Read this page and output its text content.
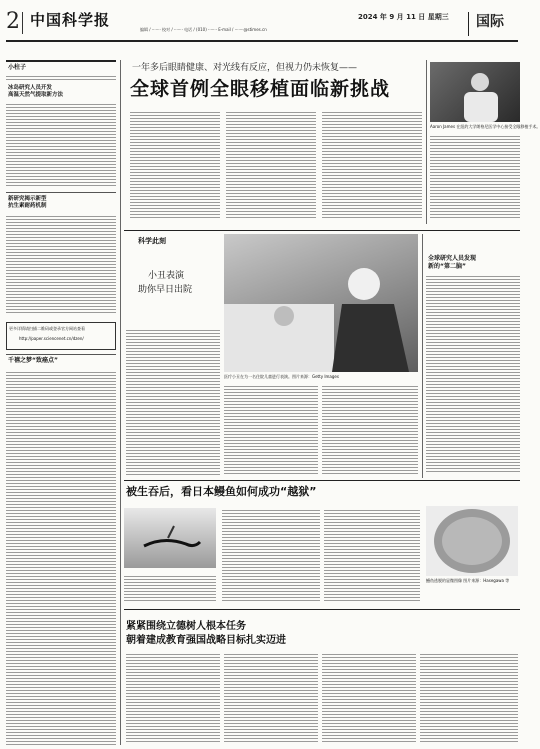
2 中国科学报
编辑 / ······· 校对 / ······· 电话 / (010) ······· E-mail / ·······@stimes.cn
2024 年 9 月 11 日 星期三 国际
小柱子
冰岛研究人员开发
高温天然气提取新方法
新研究揭示新型
抗生素耐药机制
更多详情请扫描二维码或登录官方网站查看
http://paper.sciencenet.cn/dzen/
千禧之梦“致癌点”
一年多后眼睛健康、对光线有反应，但视力仍未恢复——
全球首例全眼移植面临新挑战
Aaron James 在纽约大学朗格尼医学中心接受全眼移植手术。
科学此刻
小丑表演
助你早日出院
医疗小丑在为一名住院儿童进行表演。图片来源：Getty Images
全球研究人员发现
新的“第二脑”
被生吞后，看日本鳗鱼如何成功“越狱”
鳗鱼逃脱的显微图像 图片来源：Hasegawa 等
紧紧围绕立德树人根本任务
朝着建成教育强国战略目标扎实迈进
